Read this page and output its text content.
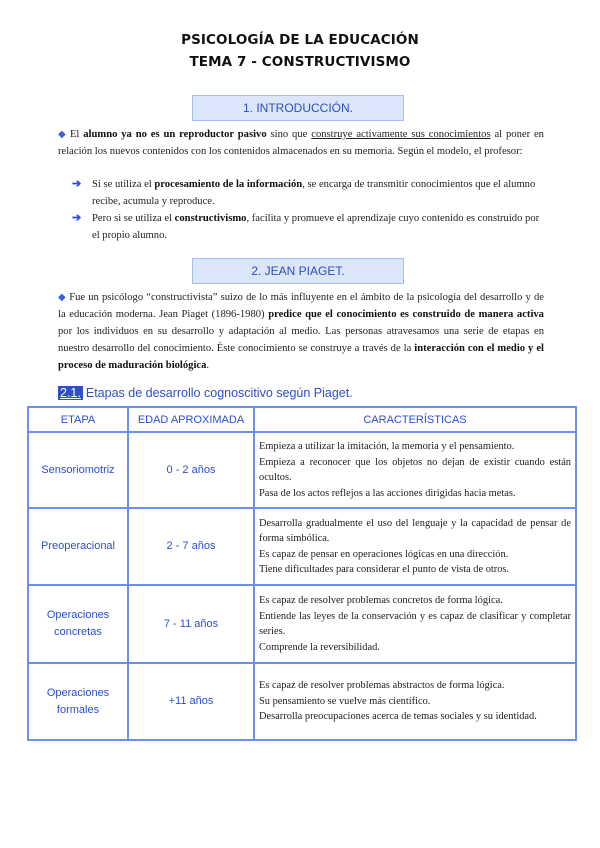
PSICOLOGÍA DE LA EDUCACIÓN
TEMA 7 - CONSTRUCTIVISMO
1. INTRODUCCIÓN.
◆ El alumno ya no es un reproductor pasivo sino que construye activamente sus conocimientos al poner en relación los nuevos contenidos con los contenidos almacenados en su memoria. Según el modelo, el profesor:
➔ Si se utiliza el procesamiento de la información, se encarga de transmitir conocimientos que el alumno recibe, acumula y reproduce.
➔ Pero si se utiliza el constructivismo, facilita y promueve el aprendizaje cuyo contenido es construido por el propio alumno.
2. JEAN PIAGET.
◆ Fue un psicólogo “constructivista” suizo de lo más influyente en el ámbito de la psicología del desarrollo y de la educación moderna. Jean Piaget (1896-1980) predice que el conocimiento es construido de manera activa por los individuos en su desarrollo y adaptación al medio. Las personas atravesamos una serie de etapas en nuestro desarrollo del conocimiento. Éste conocimiento se construye a través de la interacción con el medio y el proceso de maduración biológica.
2.1. Etapas de desarrollo cognoscitivo según Piaget.
ETAPA	EDAD APROXIMADA	CARACTERÍSTICAS
Sensoriomotriz	0 - 2 años	Empieza a utilizar la imitación, la memoria y el pensamiento.
Empieza a reconocer que los objetos no dejan de existir cuando están ocultos.
Pasa de los actos reflejos a las acciones dirigidas hacia metas.

Preoperacional	2 - 7 años	Desarrolla gradualmente el uso del lenguaje y la capacidad de pensar de forma simbólica.
Es capaz de pensar en operaciones lógicas en una dirección.
Tiene dificultades para considerar el punto de vista de otros.

Operaciones concretas	7 - 11 años	Es capaz de resolver problemas concretos de forma lógica.
Entiende las leyes de la conservación y es capaz de clasificar y completar series.
Comprende la reversibilidad.

Operaciones formales	+11 años	Es capaz de resolver problemas abstractos de forma lógica.
Su pensamiento se vuelve más científico.
Desarrolla preocupaciones acerca de temas sociales y su identidad.
